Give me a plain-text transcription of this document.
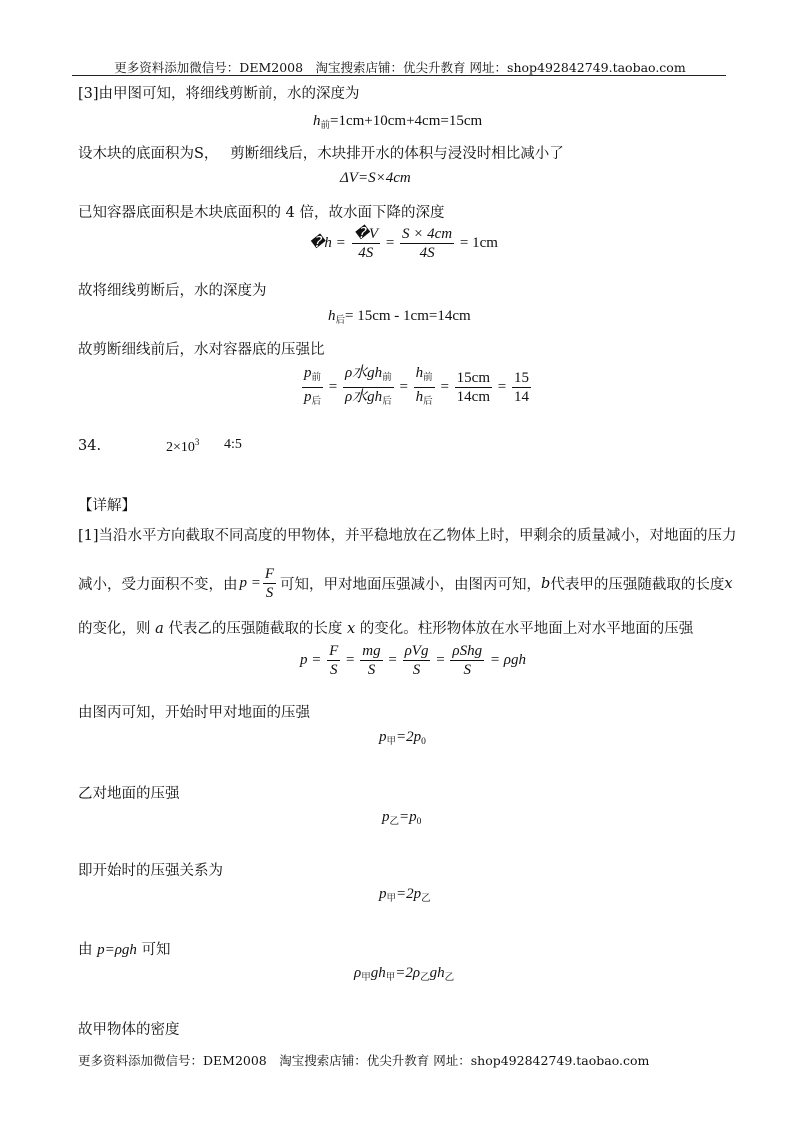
更多资料添加微信号：DEM2008　淘宝搜索店铺：优尖升教育 网址：shop492842749.taobao.com
[3]由甲图可知，将细线剪断前，水的深度为
$h_前=1cm+10cm+4cm=15cm$
设木块的底面积为S，　 剪断细线后，木块排开水的体积与浸没时相比减小了
ΔV=S×4cm
已知容器底面积是木块底面积的 4 倍，故水面下降的深度
�h = $\frac{�V}{4S} = \frac{S \times 4cm}{4S} = 1cm$
故将细线剪断后，水的深度为
$h_后= 15cm - 1cm=14cm$
故剪断细线前后，水对容器底的压强比
$\frac{p_前}{p_后} = \frac{\rho 水gh_前}{\rho 水gh_后} = \frac{h_前}{h_后} = \frac{15cm}{14cm} = \frac{15}{14}$
34.	$2\times 10^3$ 4:5
【详解】
[1]当沿水平方向截取不同高度的甲物体，并平稳地放在乙物体上时，甲剩余的质量减小，对地面的压力
减小，受力面积不变，由 $p = \frac{F}{S}$ 可知，甲对地面压强减小，由图丙可知， b 代表甲的压强随截取的长度 x
的变化，则 a 代表乙的压强随截取的长度 x 的变化。柱形物体放在水平地面上对水平地面的压强
$p = \frac{F}{S} = \frac{mg}{S} = \frac{\text{ρVg}}{S} = \frac{\text{ρShg}}{S} = \rho gh$
由图丙可知，开始时甲对地面的压强
$p_甲=2p_0$
乙对地面的压强
$p_乙=p_0$
即开始时的压强关系为
$p_甲=2p_乙$
由 p=ρgh 可知
$\rho_甲gh_甲=2\rho_乙gh_乙$
故甲物体的密度
更多资料添加微信号：DEM2008　淘宝搜索店铺：优尖升教育 网址：shop492842749.taobao.com
